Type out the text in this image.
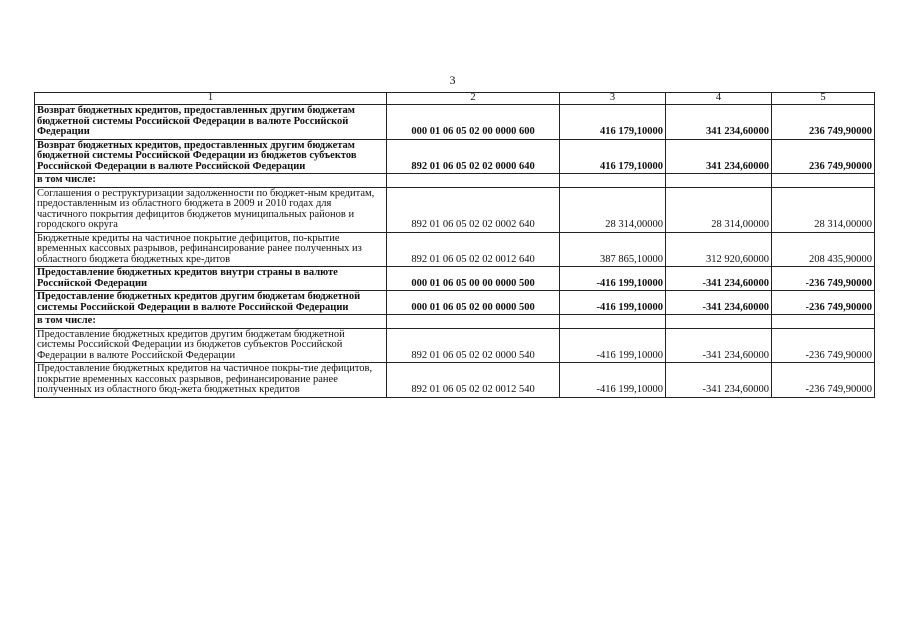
3
1	2	3	4	5
Возврат бюджетных кредитов, предоставленных другим бюджетам бюджетной системы Российской Федерации в валюте Российской Федерации	000 01 06 05 02 00 0000 600	416 179,10000	341 234,60000	236 749,90000
Возврат бюджетных кредитов, предоставленных другим бюджетам бюджетной системы Российской Федерации из бюджетов субъектов Российской Федерации в валюте Российской Федерации	892 01 06 05 02 02 0000 640	416 179,10000	341 234,60000	236 749,90000
в том числе:				
Соглашения о реструктуризации задолженности по бюджет-ным кредитам, предоставленным из областного бюджета в 2009 и 2010 годах для частичного покрытия дефицитов бюджетов муниципальных районов и городского округа	892 01 06 05 02 02 0002 640	28 314,00000	28 314,00000	28 314,00000
Бюджетные кредиты на частичное покрытие дефицитов, по-крытие временных кассовых разрывов, рефинансирование ранее полученных из областного бюджета бюджетных кре-дитов	892 01 06 05 02 02 0012 640	387 865,10000	312 920,60000	208 435,90000
Предоставление бюджетных кредитов внутри страны в валюте Российской Федерации	000 01 06 05 00 00 0000 500	-416 199,10000	-341 234,60000	-236 749,90000
Предоставление бюджетных кредитов другим бюджетам бюджетной системы Российской Федерации в валюте Российской Федерации	000 01 06 05 02 00 0000 500	-416 199,10000	-341 234,60000	-236 749,90000
в том числе:				
Предоставление бюджетных кредитов другим бюджетам бюджетной системы Российской Федерации из бюджетов субъектов Российской Федерации в валюте Российской Федерации	892 01 06 05 02 02 0000 540	-416 199,10000	-341 234,60000	-236 749,90000
Предоставление бюджетных кредитов на частичное покры-тие дефицитов, покрытие временных кассовых разрывов, рефинансирование ранее полученных из областного бюд-жета бюджетных кредитов	892 01 06 05 02 02 0012 540	-416 199,10000	-341 234,60000	-236 749,90000
